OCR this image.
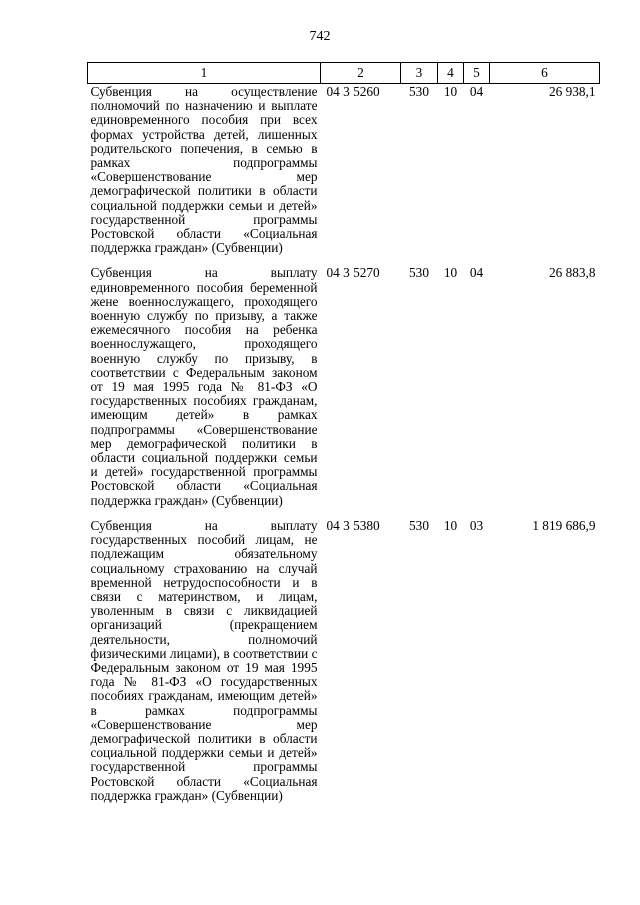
742
1	2	3	4	5	6
Субвенция на осуществление полномочий по назначению и выплате единовременного пособия при всех формах устройства детей, лишенных родительского попечения, в семью в рамках подпрограммы «Совершенствование мер демографической политики в области социальной поддержки семьи и детей» государственной программы Ростовской области «Социальная поддержка граждан» (Субвенции)	04 3 5260	530	10	04	26 938,1
Субвенция на выплату единовременного пособия беременной жене военнослужащего, проходящего военную службу по призыву, а также ежемесячного пособия на ребенка военнослужащего, проходящего военную службу по призыву, в соответствии с Федеральным законом от 19 мая 1995 года № 81-ФЗ «О государственных пособиях гражданам, имеющим детей» в рамках подпрограммы «Совершенствование мер демографической политики в области социальной поддержки семьи и детей» государственной программы Ростовской области «Социальная поддержка граждан» (Субвенции)	04 3 5270	530	10	04	26 883,8
Субвенция на выплату государственных пособий лицам, не подлежащим обязательному социальному страхованию на случай временной нетрудоспособности и в связи с материнством, и лицам, уволенным в связи с ликвидацией организаций (прекращением деятельности, полномочий физическими лицами), в соответствии с Федеральным законом от 19 мая 1995 года № 81-ФЗ «О государственных пособиях гражданам, имеющим детей» в рамках подпрограммы «Совершенствование мер демографической политики в области социальной поддержки семьи и детей» государственной программы Ростовской области «Социальная поддержка граждан» (Субвенции)	04 3 5380	530	10	03	1 819 686,9
